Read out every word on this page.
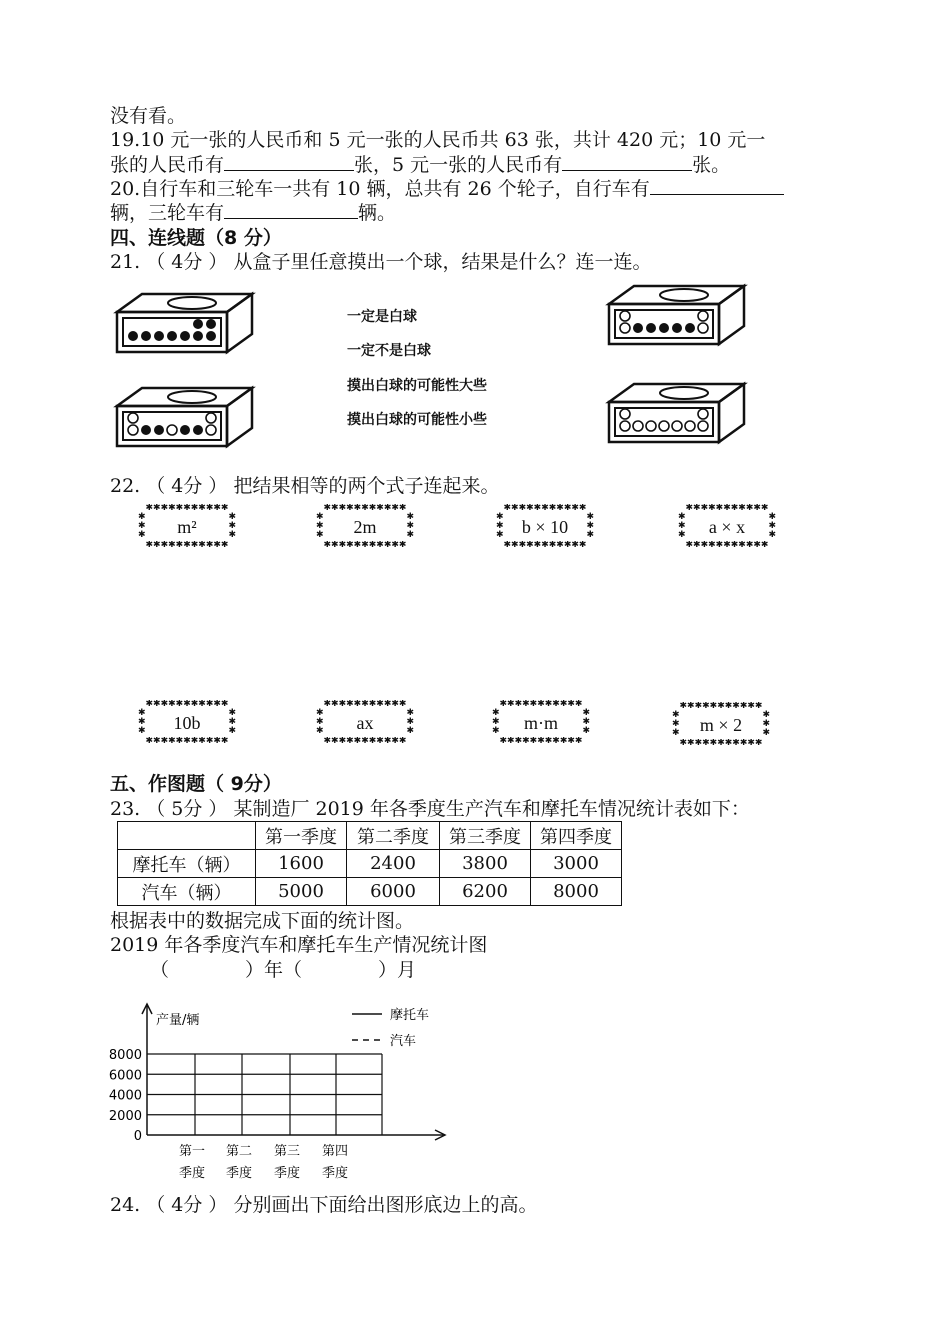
没有看。
19.10 元一张的人民币和 5 元一张的人民币共 63 张，共计 420 元；10 元一
张的人民币有	张，5 元一张的人民币有	张。
20.自行车和三轮车一共有 10 辆，总共有 26 个轮子，自行车有
辆，三轮车有	辆。
四、连线题（8 分）
21. （ 4分 ） 从盒子里任意摸出一个球，结果是什么？连一连。
一定是白球
一定不是白球
摸出白球的可能性大些
摸出白球的可能性小些
22. （ 4分 ） 把结果相等的两个式子连起来。
✱✱✱✱✱✱✱✱✱✱✱
✱
✱
✱
✱
✱
✱
m²
✱✱✱✱✱✱✱✱✱✱✱
✱✱✱✱✱✱✱✱✱✱✱
✱
✱
✱
✱
✱
✱
2m
✱✱✱✱✱✱✱✱✱✱✱
✱✱✱✱✱✱✱✱✱✱✱
✱
✱
✱
✱
✱
✱
b × 10
✱✱✱✱✱✱✱✱✱✱✱
✱✱✱✱✱✱✱✱✱✱✱
✱
✱
✱
✱
✱
✱
a × x
✱✱✱✱✱✱✱✱✱✱✱
✱✱✱✱✱✱✱✱✱✱✱
✱
✱
✱
✱
✱
✱
10b
✱✱✱✱✱✱✱✱✱✱✱
✱✱✱✱✱✱✱✱✱✱✱
✱
✱
✱
✱
✱
✱
ax
✱✱✱✱✱✱✱✱✱✱✱
✱✱✱✱✱✱✱✱✱✱✱
✱
✱
✱
✱
✱
✱
m·m
✱✱✱✱✱✱✱✱✱✱✱
✱✱✱✱✱✱✱✱✱✱✱
✱
✱
✱
✱
✱
✱
m × 2
✱✱✱✱✱✱✱✱✱✱✱
五、作图题（ 9分）
23. （ 5分 ） 某制造厂 2019 年各季度生产汽车和摩托车情况统计表如下：
	第一季度	第二季度	第三季度	第四季度
摩托车（辆）	1600	2400	3800	3000
汽车（辆）	5000	6000	6200	8000
根据表中的数据完成下面的统计图。
2019 年各季度汽车和摩托车生产情况统计图
（　　　　）年（　　　　）月
产量/辆	摩托车
汽车
8000
6000
4000
2000
0
第一
季度
第二
季度
第三
季度
第四
季度
24. （ 4分 ） 分别画出下面给出图形底边上的高。
